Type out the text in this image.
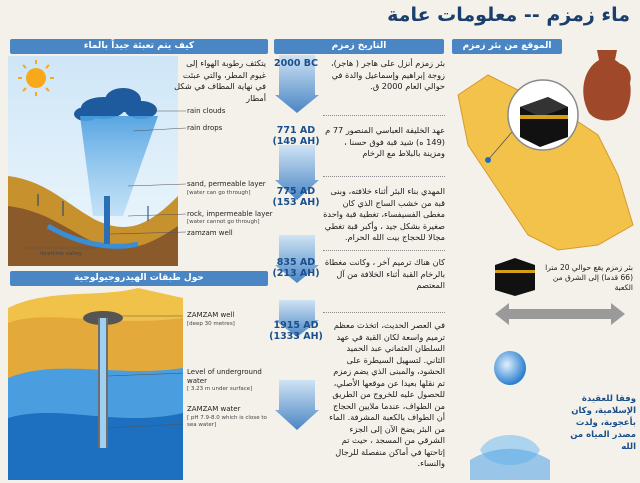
ماء زمزم -- معلومات عامة
كيف يتم تعبئة جيداً بالماء	التاريخ زمزم	الموقع من بئر زمزم
حول طبقات الهيدروجيولوجية
يتكثف رطوبة الهواء إلى غيوم المطر، والتي عبئت في نهاية المطاف في شكل أمطار
rain clouds
rain drops
sand, permeable layer
[water can go through]
rock, impermeable layer
[water cannot go through]
zamzam well
ibrahims valley
ZAMZAM well
[deep 30 metres]
Level of underground water
[ 3.23 m under surface]
ZAMZAM water
[ pH 7.9-8.0 which is close to sea water]
2000 BC
771 AD
(149 AH)
775 AD
(153 AH)
835 AD
(213 AH)
1915 AD
(1333 AH)
بئر زمزم أنزل على هاجر ( هاجر)، زوجة إبراهيم وإسماعيل والدة في حوالي العام 2000 ق.
عهد الخليفة العباسي المنصور 77 م (149 ه) شيد قبة فوق حسنا ، ومزينة بالبلاط مع الرخام
المهدي بناء البئر أثناء خلافته، وبنى قبة من خشب الساج الذي كان مغطى الفسيفساء، تغطية قبة واحدة صغيرة بشكل جيد ، وأكبر قبة تغطي مجالا للحجاج بيت الله الحرام.
كان هناك ترميم آخر ، وكانت مغطاة بالرخام القبة أثناء الخلافة من آل المعتصم
في العصر الحديث، اتخذت معظم ترميم واسعة لكان القبة في عهد السلطان العثماني عبد الحميد الثاني. لتسهيل السيطرة على الحشود، والمبنى الذي يضم زمزم تم نقلها بعيدا عن موقعها الأصلي، للحصول عليه للخروج من الطريق من الطواف، عندما ملايين الحجاج أن الطواف بالكعبة المشرفة. الماء من البئر يضخ الآن إلى الجزء الشرقي من المسجد ، حيث تم إتاحتها في أماكن منفصلة للرجال والنساء.
بئر زمزم يقع حوالي 20 مترا (66 قدما) إلى الشرق من الكعبة
وفقا للعقيدة الإسلامية، وكان بأعجوبة، ولدت مصدر المياه من الله
